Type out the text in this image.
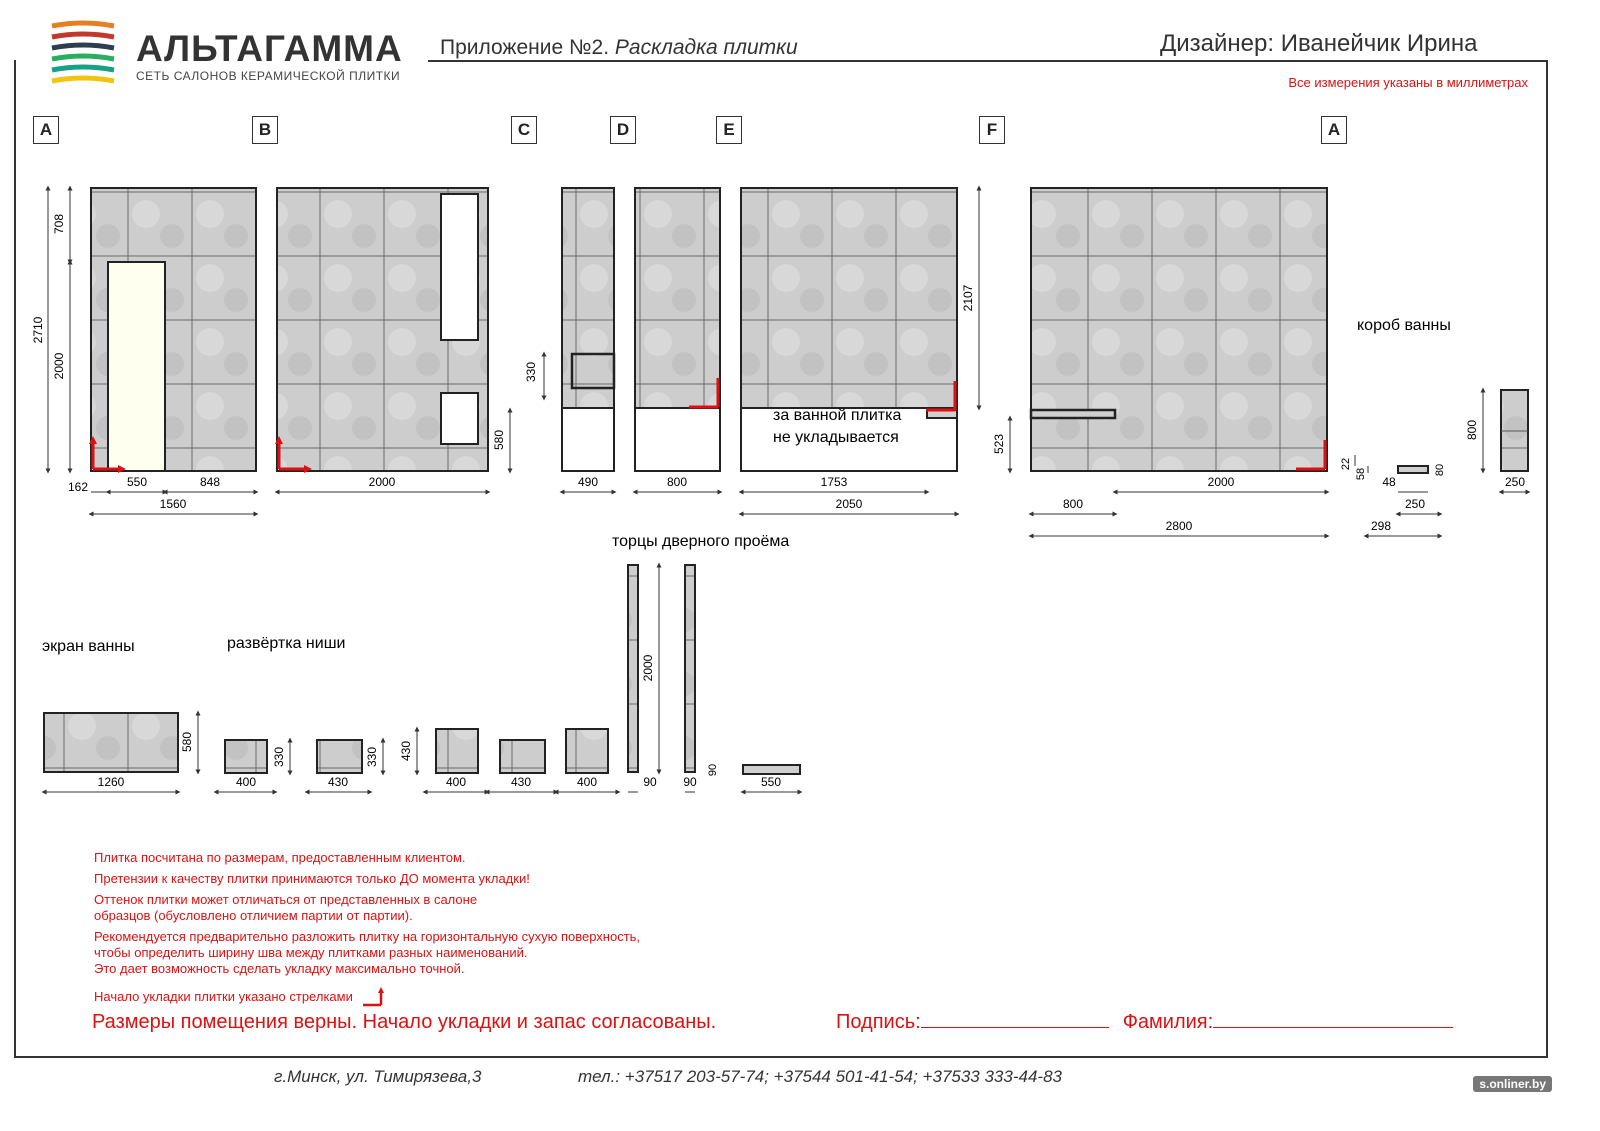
АЛЬТАГАММА
СЕТЬ САЛОНОВ КЕРАМИЧЕСКОЙ ПЛИТКИ
Приложение №2. Раскладка плитки	Дизайнер: Иванейчик Ирина
Все измерения указаны в миллиметрах
A	B	C	D	E	F	A
2710
708
2000
162	550	848
1560
2000
580
330
490	800
за ванной плитка
не укладывается
1753
2050
2107
523
800
2000
2800
короб ванны
800
250
22
58
48
80
250
298
торцы дверного проёма
2000
90 90
90
550
экран ванны
1260
580
развёртка ниши
400
330
430
330 430
400	430	400

Плитка посчитана по размерам, предоставленным клиентом.

Претензии к качеству плитки принимаются только ДО момента укладки!

Оттенок плитки может отличаться от представленных в салоне
образцов (обусловлено отличием партии от партии).

Рекомендуется предварительно разложить плитку на горизонтальную сухую поверхность,
чтобы определить ширину шва между плитками разных наименований.
Это дает возможность сделать укладку максимально точной.

Начало укладки плитки указано стрелками

Размеры помещения верны. Начало укладки и запас согласованы.	Подпись:	Фамилия:
г.Минск, ул. Тимирязева,3	тел.: +37517 203-57-74; +37544 501-41-54; +37533 333-44-83	s.onliner.by
